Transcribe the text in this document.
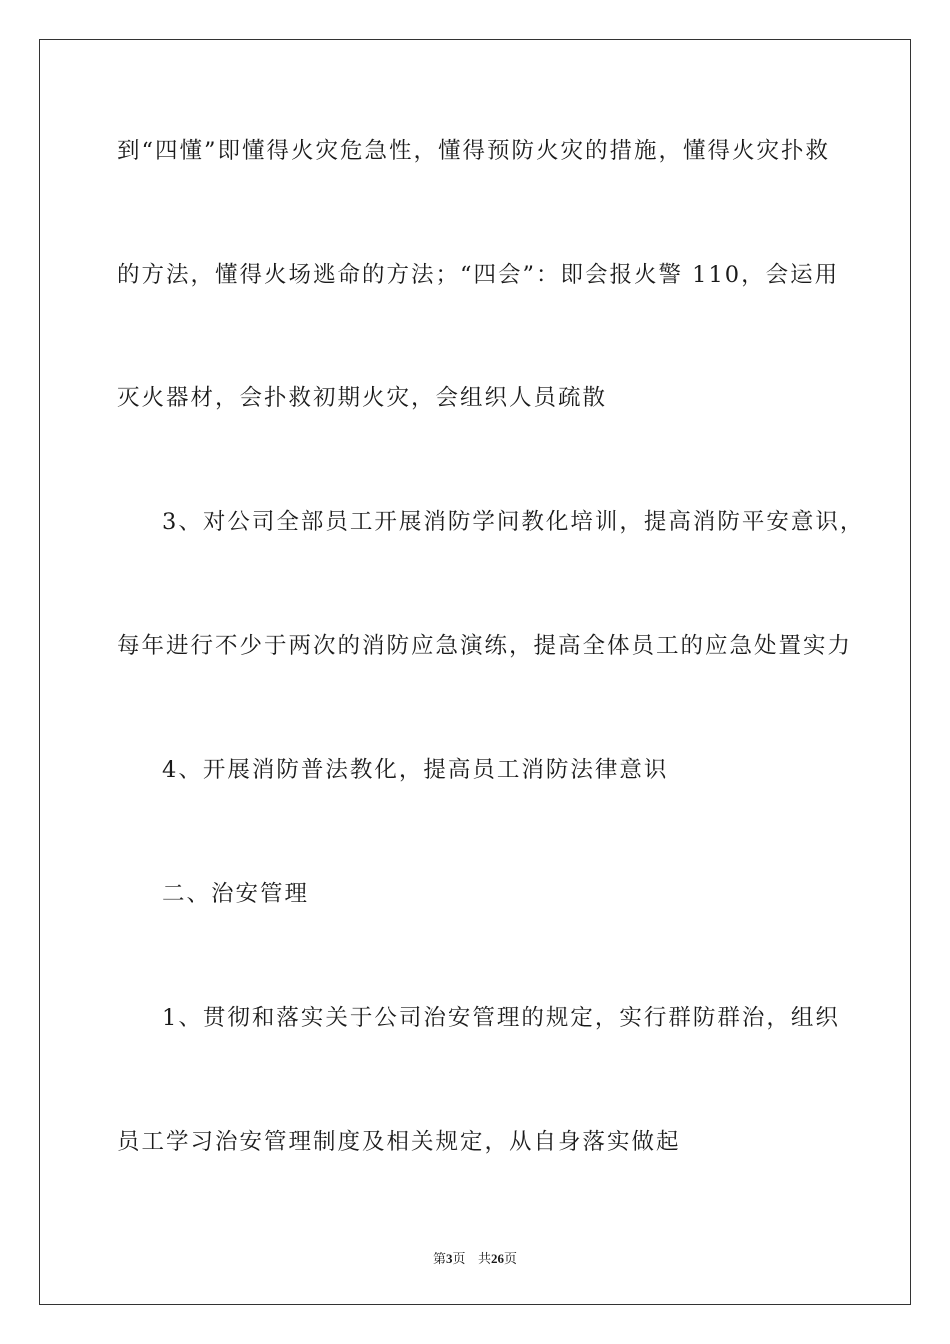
到“四懂”即懂得火灾危急性，懂得预防火灾的措施，懂得火灾扑救
的方法，懂得火场逃命的方法；“四会”：即会报火警 110，会运用
灭火器材，会扑救初期火灾，会组织人员疏散
3、对公司全部员工开展消防学问教化培训，提高消防平安意识，
每年进行不少于两次的消防应急演练，提高全体员工的应急处置实力
4、开展消防普法教化，提高员工消防法律意识
二、治安管理
1、贯彻和落实关于公司治安管理的规定，实行群防群治，组织
员工学习治安管理制度及相关规定，从自身落实做起
第3页 共26页
